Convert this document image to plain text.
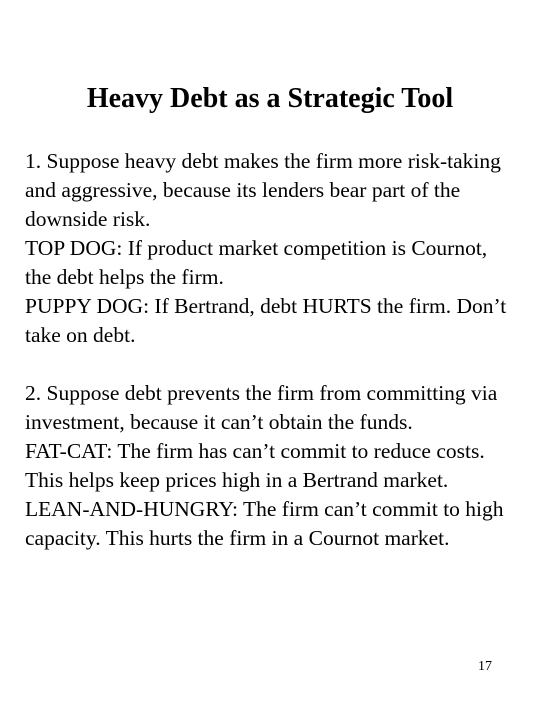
Heavy Debt as a Strategic Tool

1. Suppose heavy debt makes the firm more risk-taking and aggressive, because its lenders bear part of the downside risk.

TOP DOG: If product market competition is Cournot, the debt helps the firm.

PUPPY DOG: If Bertrand, debt HURTS the firm. Don’t take on debt.

2. Suppose debt prevents the firm from committing via investment, because it can’t obtain the funds.

FAT-CAT: The firm has can’t commit to reduce costs. This helps keep prices high in a Bertrand market.

LEAN-AND-HUNGRY: The firm can’t commit to high capacity. This hurts the firm in a Cournot market.

17
